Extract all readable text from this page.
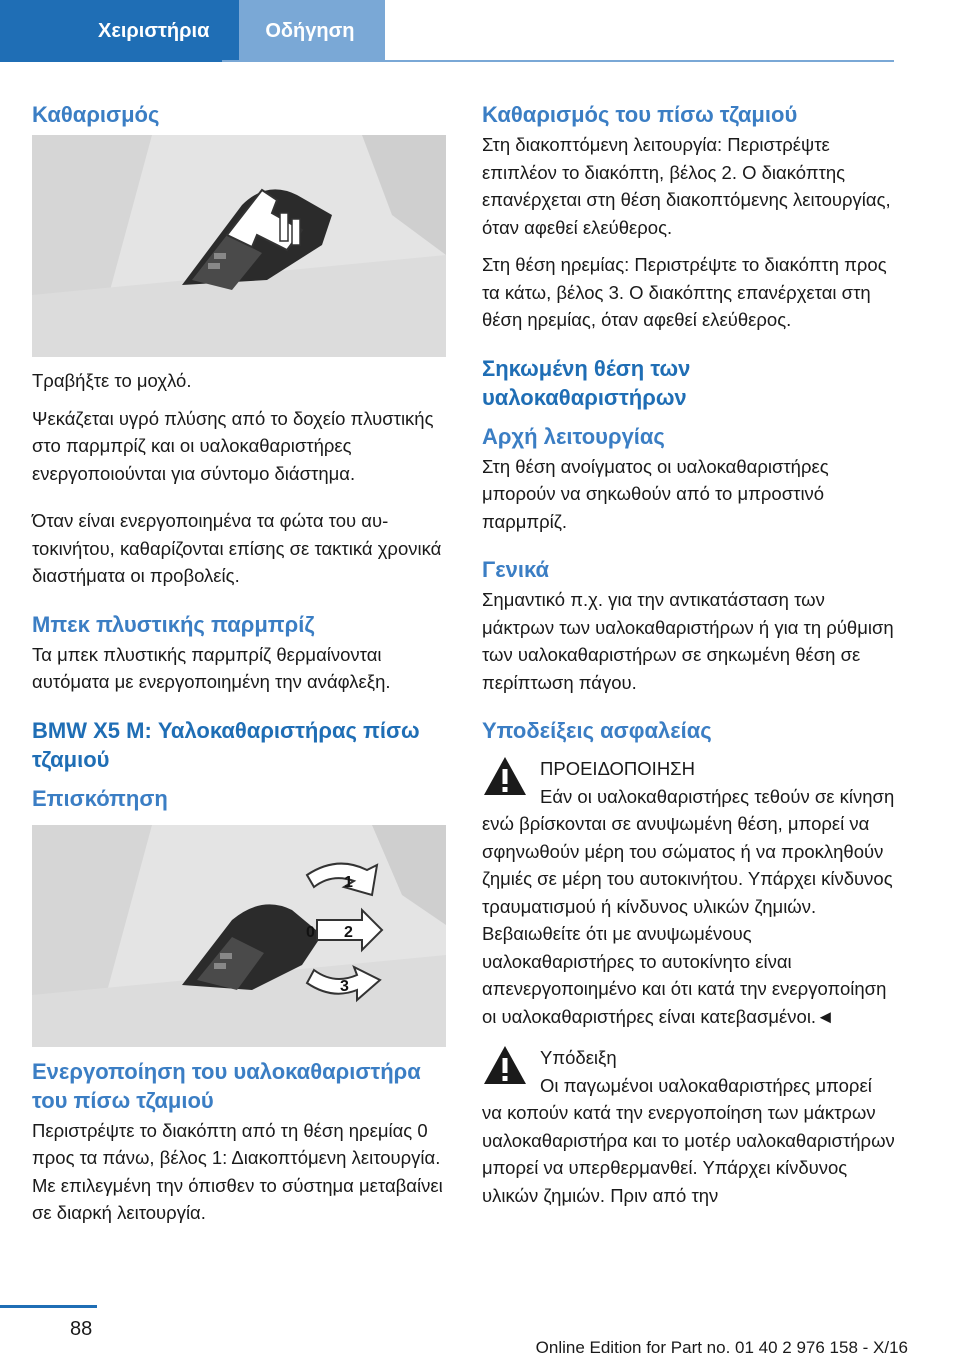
Χειριστήρια	Οδήγηση
Καθαρισμός

Τραβήξτε το μοχλό.

Ψεκάζεται υγρό πλύσης από το δοχείο πλυστικής στο παρμπρίζ και οι υαλοκαθαριστήρες ενεργοποιούνται για σύντομο διάστημα.

Όταν είναι ενεργοποιημένα τα φώτα του αυτοκινήτου, καθαρίζονται επίσης σε τακτικά χρονικά διαστήματα οι προβολείς.

Μπεκ πλυστικής παρμπρίζ

Τα μπεκ πλυστικής παρμπρίζ θερμαίνονται αυτόματα με ενεργοποιημένη την ανάφλεξη.

BMW X5 M: Υαλοκαθαριστήρας πίσω τζαμιού
Επισκόπηση
1
0 2
3
Ενεργοποίηση του υαλοκαθαριστήρα του πίσω τζαμιού

Περιστρέψτε το διακόπτη από τη θέση ηρεμίας 0 προς τα πάνω, βέλος 1: Διακοπτόμενη λειτουργία. Με επιλεγμένη την όπισθεν το σύστημα μεταβαίνει σε διαρκή λειτουργία.

Καθαρισμός του πίσω τζαμιού

Στη διακοπτόμενη λειτουργία: Περιστρέψτε επιπλέον το διακόπτη, βέλος 2. Ο διακόπτης επανέρχεται στη θέση διακοπτόμενης λειτουργίας, όταν αφεθεί ελεύθερος.

Στη θέση ηρεμίας: Περιστρέψτε το διακόπτη προς τα κάτω, βέλος 3. Ο διακόπτης επανέρχεται στη θέση ηρεμίας, όταν αφεθεί ελεύθερος.

Σηκωμένη θέση των υαλοκαθαριστήρων
Αρχή λειτουργίας

Στη θέση ανοίγματος οι υαλοκαθαριστήρες μπορούν να σηκωθούν από το μπροστινό παρμπρίζ.

Γενικά

Σημαντικό π.χ. για την αντικατάσταση των μάκτρων των υαλοκαθαριστήρων ή για τη ρύθμιση των υαλοκαθαριστήρων σε σηκωμένη θέση σε περίπτωση πάγου.

Υποδείξεις ασφαλείας

ΠΡΟΕΙΔΟΠΟΙΗΣΗ

Εάν οι υαλοκαθαριστήρες τεθούν σε κίνηση ενώ βρίσκονται σε ανυψωμένη θέση, μπορεί να σφηνωθούν μέρη του σώματος ή να προκληθούν ζημιές σε μέρη του αυτοκινήτου. Υπάρχει κίνδυνος τραυματισμού ή κίνδυνος υλικών ζημιών. Βεβαιωθείτε ότι με ανυψωμένους υαλοκαθαριστήρες το αυτοκίνητο είναι απενεργοποιημένο και ότι κατά την ενεργοποίηση οι υαλοκαθαριστήρες είναι κατεβασμένοι.◄

Υπόδειξη

Οι παγωμένοι υαλοκαθαριστήρες μπορεί να κοπούν κατά την ενεργοποίηση των μάκτρων υαλοκαθαριστήρα και το μοτέρ υαλοκαθαριστήρων μπορεί να υπερθερμανθεί. Υπάρχει κίνδυνος υλικών ζημιών. Πριν από την

88
Online Edition for Part no. 01 40 2 976 158 - X/16
